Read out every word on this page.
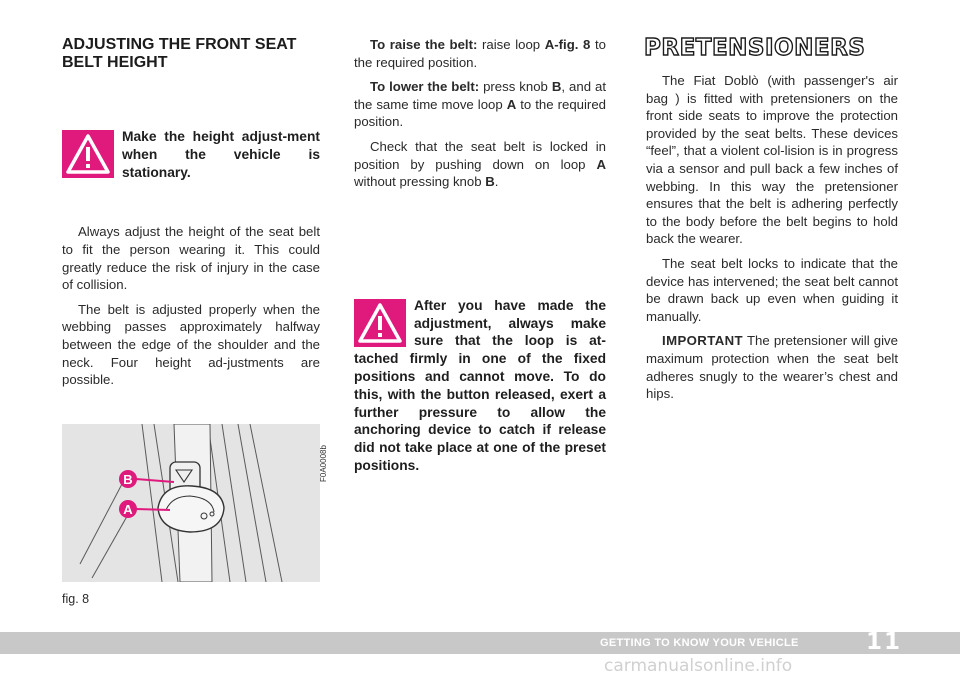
ADJUSTING THE FRONT SEAT BELT HEIGHT
Make the height adjust-ment when the vehicle is stationary.

Always adjust the height of the seat belt to fit the person wearing it. This could greatly reduce the risk of injury in the case of collision.

The belt is adjusted properly when the webbing passes approximately halfway between the edge of the shoulder and the neck. Four height ad-justments are possible.

B
A
F0A0008b
fig. 8

To raise the belt: raise loop A-fig. 8 to the required position.

To lower the belt: press knob B, and at the same time move loop A to the required position.

Check that the seat belt is locked in position by pushing down on loop A without pressing knob B.

After you have made the adjustment, always make sure that the loop is at-tached firmly in one of the fixed positions and cannot move. To do this, with the button released, exert a further pressure to allow the anchoring device to catch if release did not take place at one of the preset positions.
PRETENSIONERS

The Fiat Doblò (with passenger's air bag ) is fitted with pretensioners on the front side seats to improve the protection provided by the seat belts. These devices “feel”, that a violent col-lision is in progress via a sensor and pull back a few inches of webbing. In this way the pretensioner ensures that the belt is adhering perfectly to the body before the belt begins to hold back the wearer.

The seat belt locks to indicate that the device has intervened; the seat belt cannot be drawn back up even when guiding it manually.

IMPORTANT The pretensioner will give maximum protection when the seat belt adheres snugly to the wearer’s chest and hips.

GETTING TO KNOW YOUR VEHICLE	11
carmanualsonline.info
